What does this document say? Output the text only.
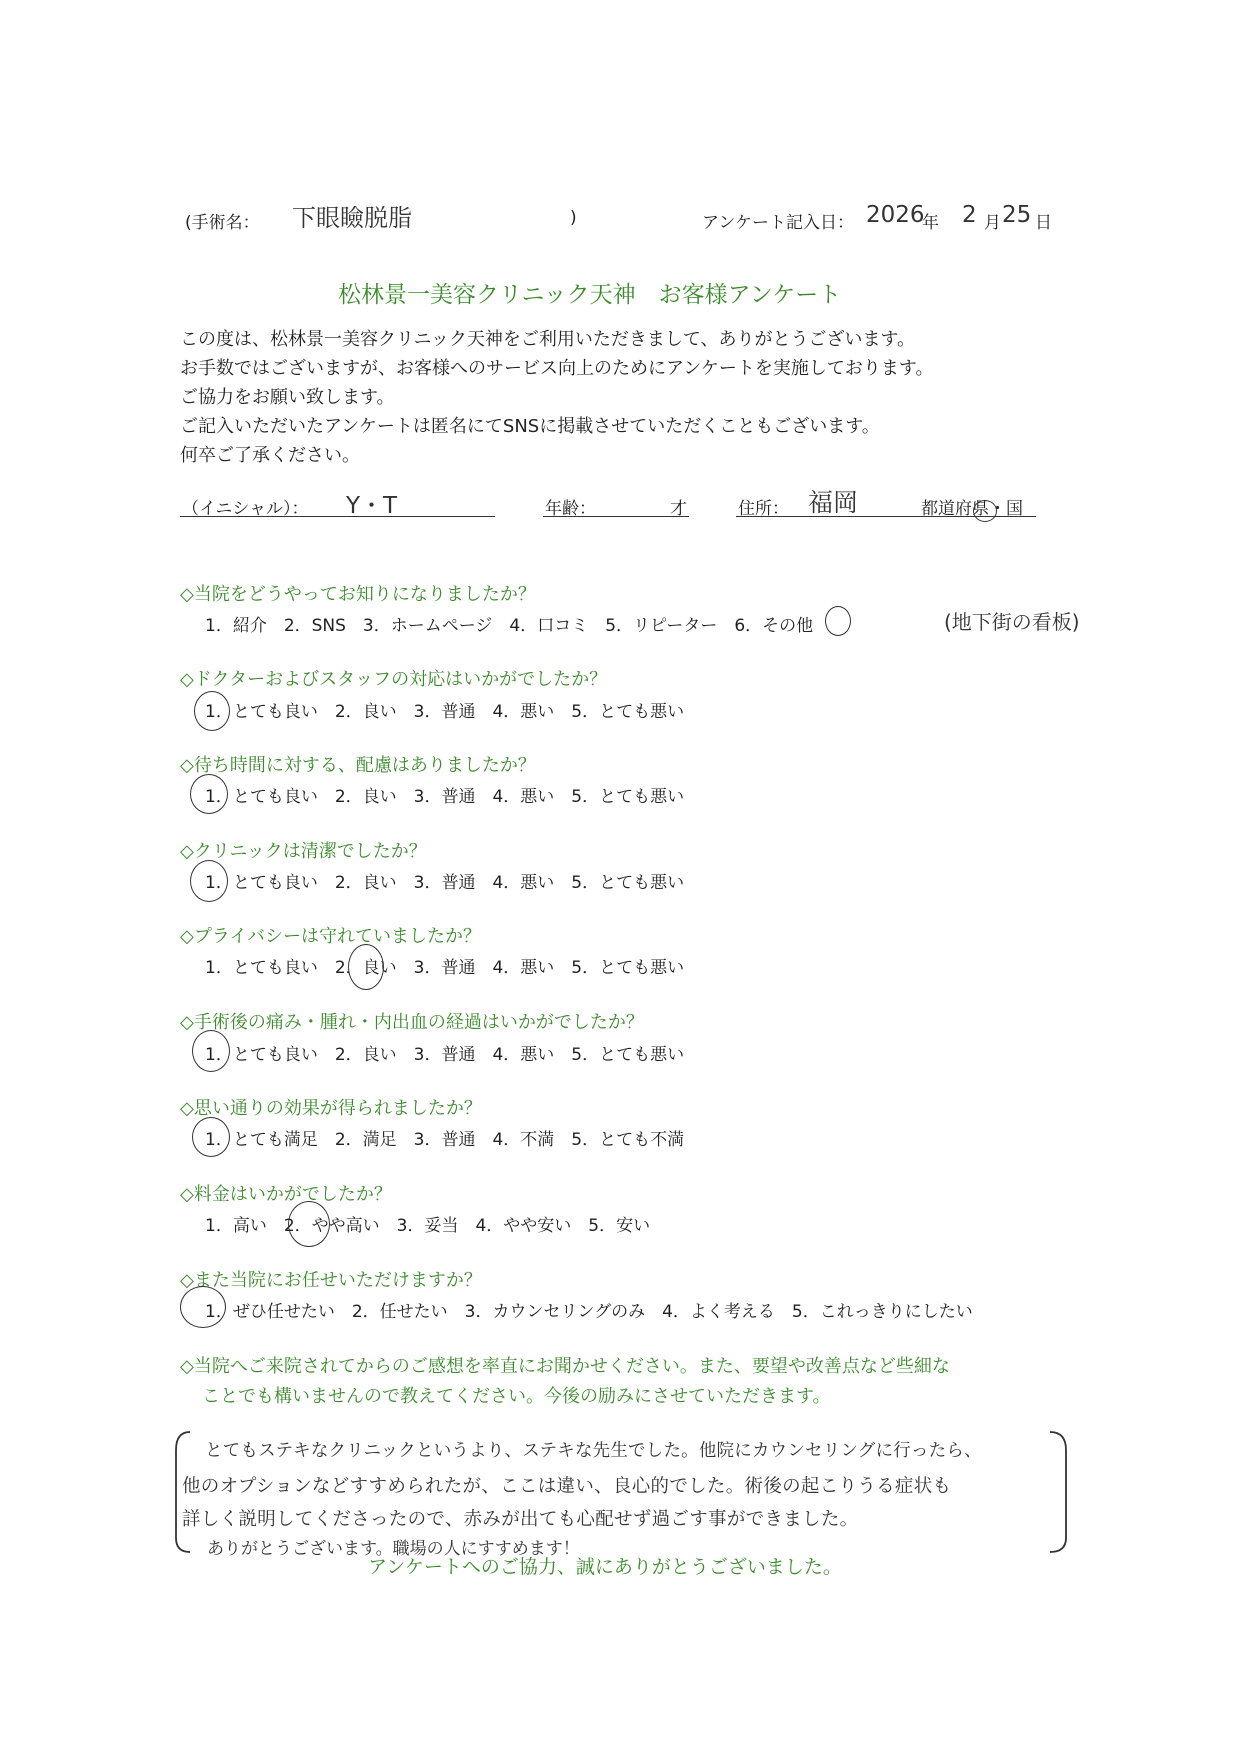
(手術名： 下眼瞼脱脂	)	アンケート記入日： 2026
年 2 月 25 日
松林景一美容クリニック天神　お客様アンケート
この度は、松林景一美容クリニック天神をご利用いただきまして、ありがとうございます。
お手数ではございますが、お客様へのサービス向上のためにアンケートを実施しております。
ご協力をお願い致します。
ご記入いただいたアンケートは匿名にてSNSに掲載させていただくこともございます。
何卒ご了承ください。
（イニシャル）： Y・T	年齢：	才	住所： 福岡	都道府県・国
◇当院をどうやってお知りになりましたか？
1．紹介　2．SNS　3．ホームページ　4．口コミ　5．リピーター　6．その他	(地下街の看板)
◇ドクターおよびスタッフの対応はいかがでしたか？
1．とても良い　2．良い　3．普通　4．悪い　5．とても悪い
◇待ち時間に対する、配慮はありましたか？
1．とても良い　2．良い　3．普通　4．悪い　5．とても悪い
◇クリニックは清潔でしたか？
1．とても良い　2．良い　3．普通　4．悪い　5．とても悪い
◇プライバシーは守れていましたか？
1．とても良い　2．良い　3．普通　4．悪い　5．とても悪い
◇手術後の痛み・腫れ・内出血の経過はいかがでしたか？
1．とても良い　2．良い　3．普通　4．悪い　5．とても悪い
◇思い通りの効果が得られましたか？
1．とても満足　2．満足　3．普通　4．不満　5．とても不満
◇料金はいかがでしたか？
1．高い　2．やや高い　3．妥当　4．やや安い　5．安い
◇また当院にお任せいただけますか？
1．ぜひ任せたい　2．任せたい　3．カウンセリングのみ　4．よく考える　5．これっきりにしたい
◇当院へご来院されてからのご感想を率直にお聞かせください。また、要望や改善点など些細な
ことでも構いませんので教えてください。今後の励みにさせていただきます。
とてもステキなクリニックというより、ステキな先生でした。他院にカウンセリングに行ったら、
他のオプションなどすすめられたが、ここは違い、良心的でした。術後の起こりうる症状も
詳しく説明してくださったので、赤みが出ても心配せず過ごす事ができました。
ありがとうございます。職場の人にすすめます！
アンケートへのご協力、誠にありがとうございました。
